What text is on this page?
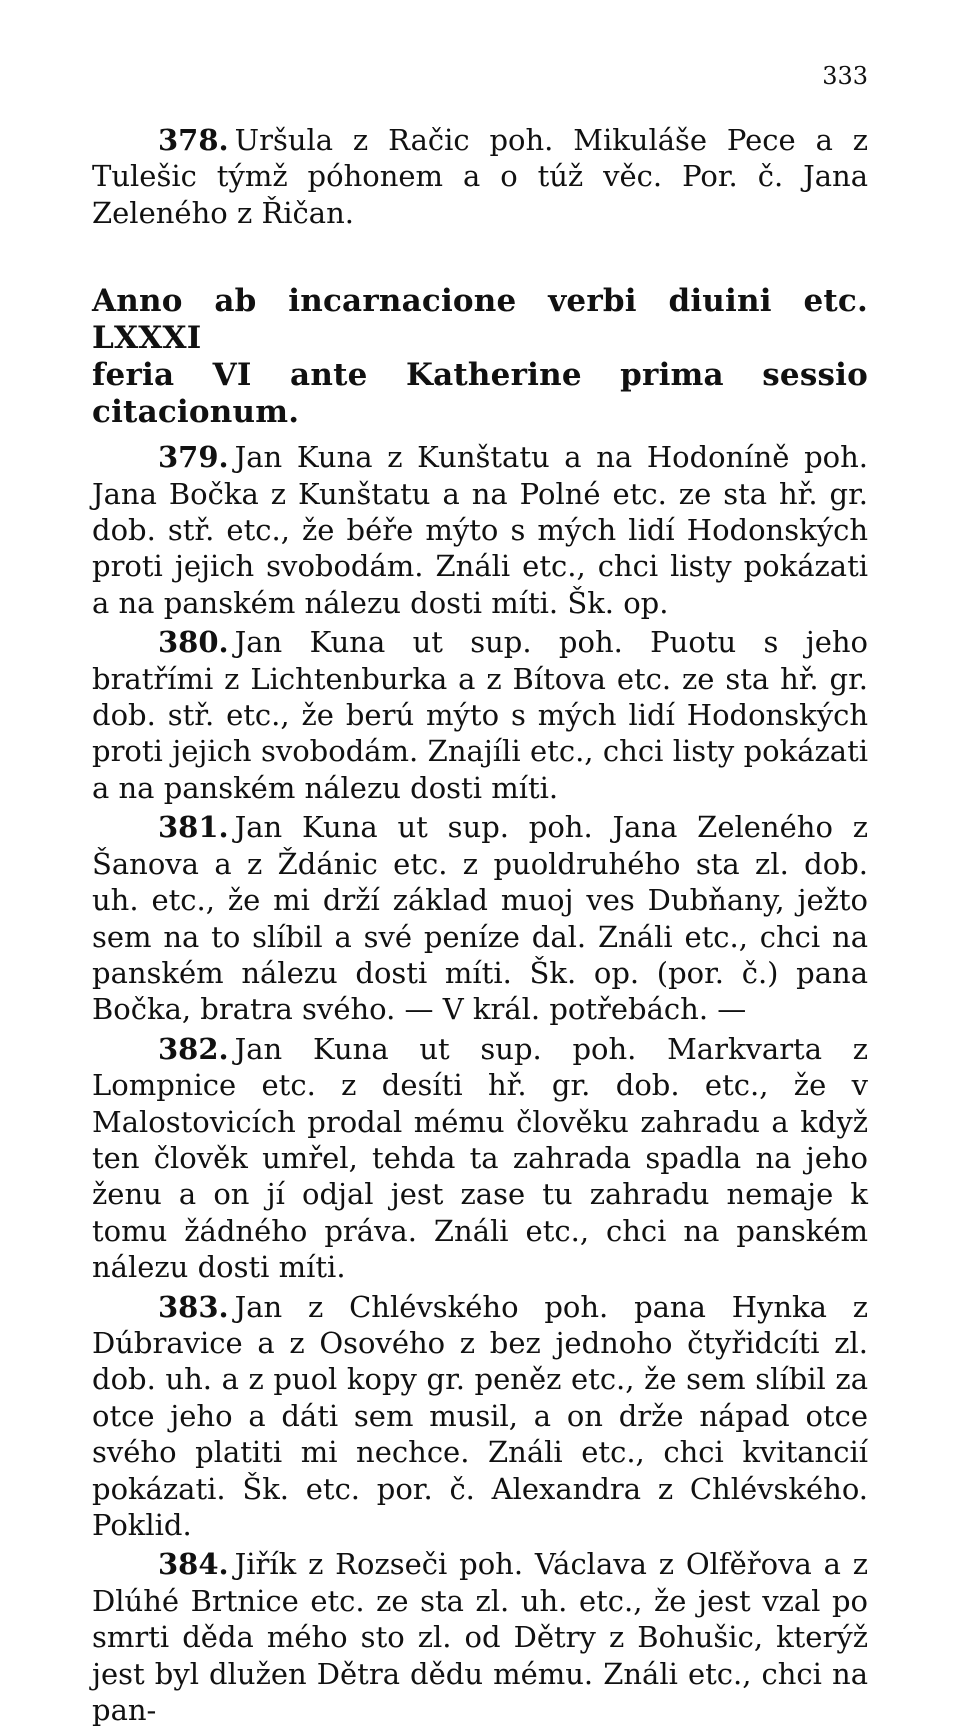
333

378. Uršula z Račic poh. Mikuláše Pece a z Tulešic týmž póhonem a o túž věc. Por. č. Jana Zeleného z Řičan.

Anno ab incarnacione verbi diuini etc. LXXXI
feria VI ante Katherine prima sessio citacionum.

379. Jan Kuna z Kunštatu a na Hodoníně poh. Jana Bočka z Kunštatu a na Polné etc. ze sta hř. gr. dob. stř. etc., že béře mýto s mých lidí Hodonských proti jejich svobodám. Ználi etc., chci listy pokázati a na panském nálezu dosti míti. Šk. op.

380. Jan Kuna ut sup. poh. Puotu s jeho bratřími z Lichtenburka a z Bítova etc. ze sta hř. gr. dob. stř. etc., že berú mýto s mých lidí Hodonských proti jejich svobodám. Znajíli etc., chci listy pokázati a na panském nálezu dosti míti.

381. Jan Kuna ut sup. poh. Jana Zeleného z Šanova a z Ždánic etc. z puoldruhého sta zl. dob. uh. etc., že mi drží základ muoj ves Dubňany, ježto sem na to slíbil a své peníze dal. Ználi etc., chci na panském nálezu dosti míti. Šk. op. (por. č.) pana Bočka, bratra svého. — V král. potřebách. —

382. Jan Kuna ut sup. poh. Markvarta z Lompnice etc. z desíti hř. gr. dob. etc., že v Malostovicích prodal mému člověku zahradu a když ten člověk umřel, tehda ta zahrada spadla na jeho ženu a on jí odjal jest zase tu zahradu nemaje k tomu žádného práva. Ználi etc., chci na panském nálezu dosti míti.

383. Jan z Chlévského poh. pana Hynka z Dúbravice a z Osového z bez jednoho čtyřidcíti zl. dob. uh. a z puol kopy gr. peněz etc., že sem slíbil za otce jeho a dáti sem musil, a on drže nápad otce svého platiti mi nechce. Ználi etc., chci kvitancií pokázati. Šk. etc. por. č. Alexandra z Chlévského. Poklid.

384. Jiřík z Rozseči poh. Václava z Olfěřova a z Dlúhé Brtnice etc. ze sta zl. uh. etc., že jest vzal po smrti děda mého sto zl. od Dětry z Bohušic, kterýž jest byl dlužen Dětra dědu mému. Ználi etc., chci na pan-
